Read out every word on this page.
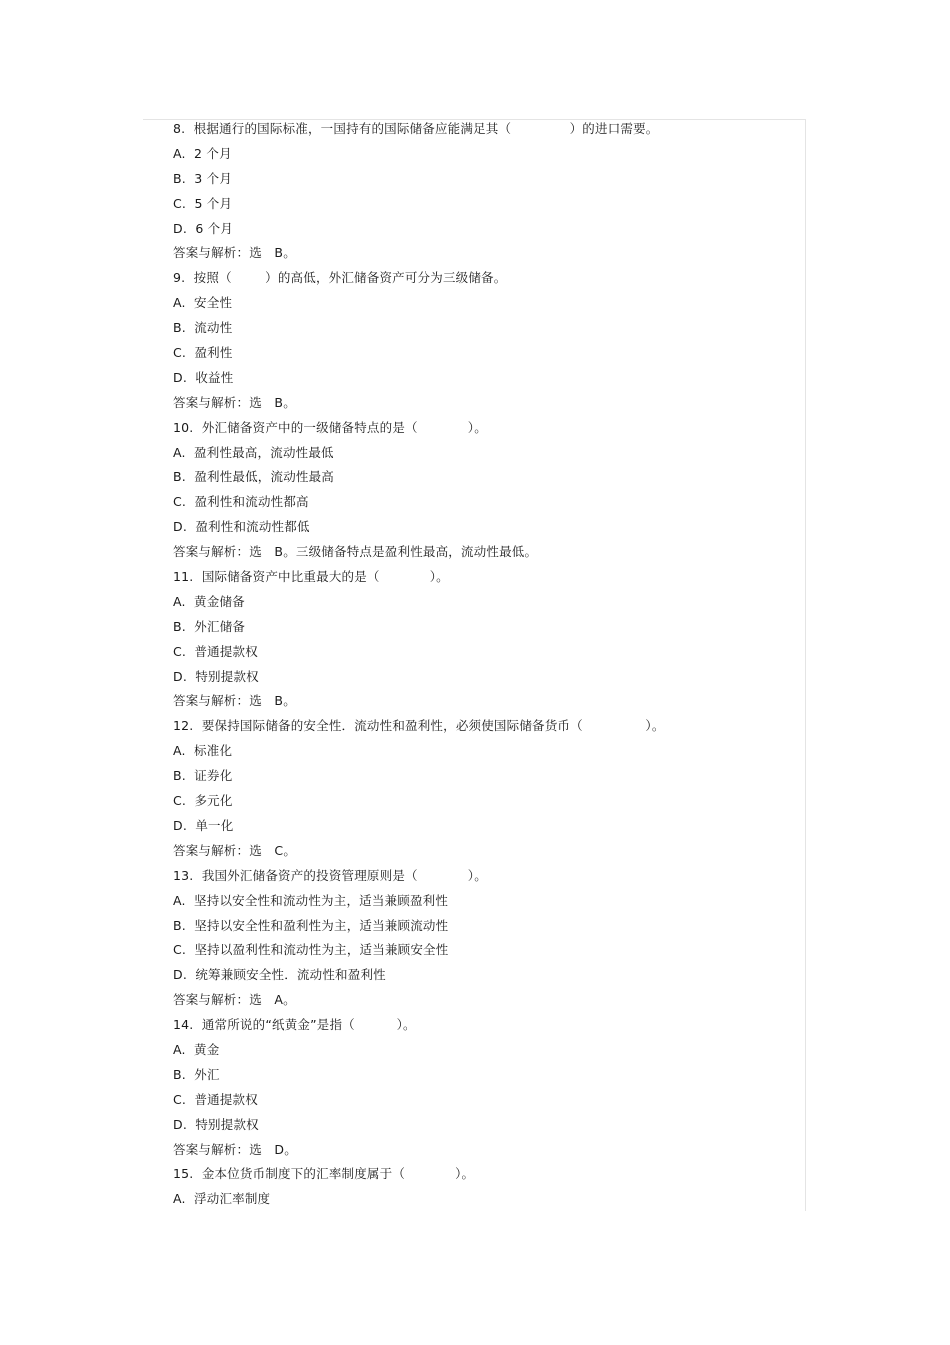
8.  根据通行的国际标准，一国持有的国际储备应能满足其（              ）的进口需要。
A.  2 个月
B.  3 个月
C.  5 个月
D.  6 个月
答案与解析：选   B。
9.  按照（        ）的高低，外汇储备资产可分为三级储备。
A.  安全性
B.  流动性
C.  盈利性
D.  收益性
答案与解析：选   B。
10.  外汇储备资产中的一级储备特点的是（            ）。
A.  盈利性最高，流动性最低
B.  盈利性最低，流动性最高
C.  盈利性和流动性都高
D.  盈利性和流动性都低
答案与解析：选   B。三级储备特点是盈利性最高，流动性最低。
11.  国际储备资产中比重最大的是（            ）。
A.  黄金储备
B.  外汇储备
C.  普通提款权
D.  特别提款权
答案与解析：选   B。
12.  要保持国际储备的安全性．流动性和盈利性，必须使国际储备货币（               ）。
A.  标准化
B.  证券化
C.  多元化
D.  单一化
答案与解析：选   C。
13.  我国外汇储备资产的投资管理原则是（            ）。
A.  坚持以安全性和流动性为主，适当兼顾盈利性
B.  坚持以安全性和盈利性为主，适当兼顾流动性
C.  坚持以盈利性和流动性为主，适当兼顾安全性
D.  统筹兼顾安全性．流动性和盈利性
答案与解析：选   A。
14.  通常所说的“纸黄金”是指（          ）。
A.  黄金
B.  外汇
C.  普通提款权
D.  特别提款权
答案与解析：选   D。
15.  金本位货币制度下的汇率制度属于（            ）。
A.  浮动汇率制度
